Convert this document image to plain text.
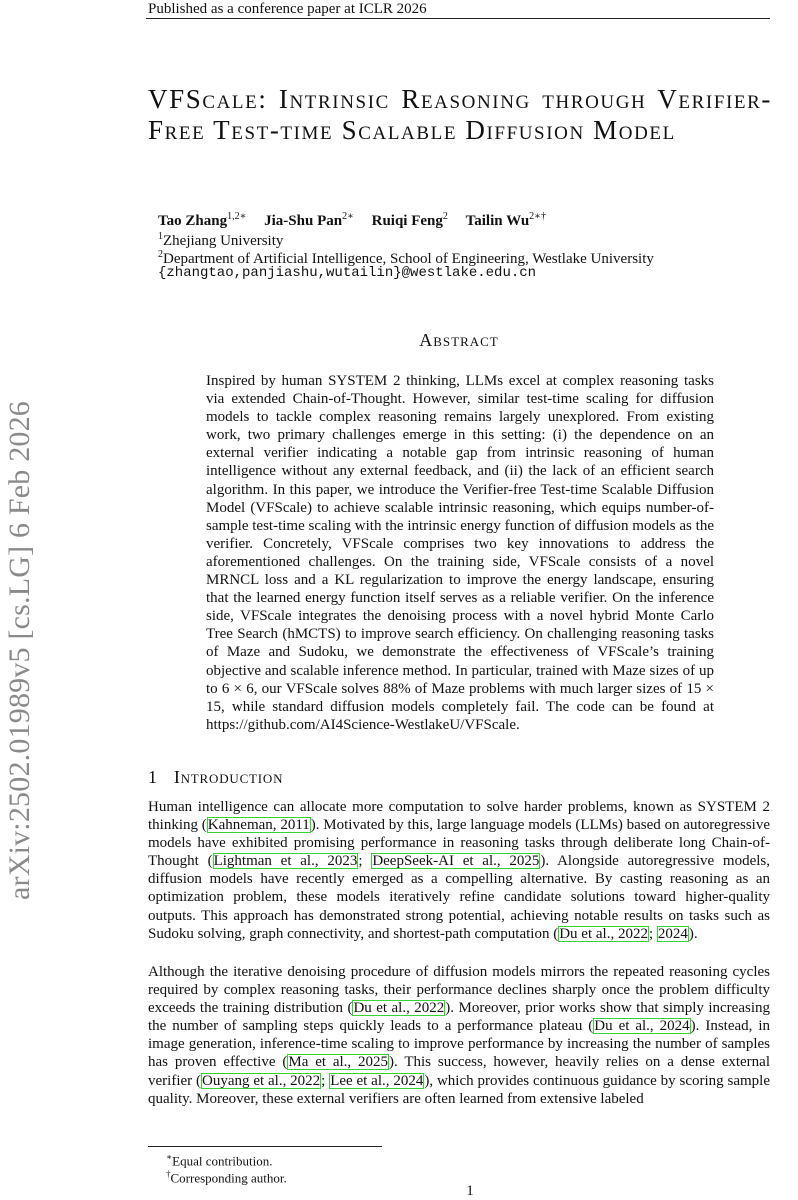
Published as a conference paper at ICLR 2026
arXiv:2502.01989v5 [cs.LG] 6 Feb 2026
VFScale: Intrinsic Reasoning through Verifier-Free Test-time Scalable Diffusion Model
Tao Zhang$^{1,2∗}$ Jia-Shu Pan$^{2∗}$ Ruiqi Feng$^2$ Tailin $Wu^{2∗\dagger}$
$^1$Zhejiang University
$^2$Department of Artificial Intelligence, School of Engineering, Westlake University
{zhangtao,panjiashu,wutailin}@westlake.edu.cn
Abstract
Inspired by human SYSTEM 2 thinking, LLMs excel at complex reasoning tasks via extended Chain-of-Thought. However, similar test-time scaling for diffusion models to tackle complex reasoning remains largely unexplored. From existing work, two primary challenges emerge in this setting: (i) the dependence on an external verifier indicating a notable gap from intrinsic reasoning of human intelligence without any external feedback, and (ii) the lack of an efficient search algorithm. In this paper, we introduce the Verifier-free Test-time Scalable Diffusion Model (VFScale) to achieve scalable intrinsic reasoning, which equips number-of-sample test-time scaling with the intrinsic energy function of diffusion models as the verifier. Concretely, VFScale comprises two key innovations to address the aforementioned challenges. On the training side, VFScale consists of a novel MRNCL loss and a KL regularization to improve the energy landscape, ensuring that the learned energy function itself serves as a reliable verifier. On the inference side, VFScale integrates the denoising process with a novel hybrid Monte Carlo Tree Search (hMCTS) to improve search efficiency. On challenging reasoning tasks of Maze and Sudoku, we demonstrate the effectiveness of VFScale’s training objective and scalable inference method. In particular, trained with Maze sizes of up to 6 × 6, our VFScale solves 88% of Maze problems with much larger sizes of 15 × 15, while standard diffusion models completely fail. The code can be found at https://github.com/AI4Science-WestlakeU/VFScale.
1 Introduction
Human intelligence can allocate more computation to solve harder problems, known as SYSTEM 2 thinking (Kahneman, 2011). Motivated by this, large language models (LLMs) based on autoregressive models have exhibited promising performance in reasoning tasks through deliberate long Chain-of-Thought (Lightman et al., 2023; DeepSeek-AI et al., 2025). Alongside autoregressive models, diffusion models have recently emerged as a compelling alternative. By casting reasoning as an optimization problem, these models iteratively refine candidate solutions toward higher-quality outputs. This approach has demonstrated strong potential, achieving notable results on tasks such as Sudoku solving, graph connectivity, and shortest-path computation (Du et al., 2022; 2024).
Although the iterative denoising procedure of diffusion models mirrors the repeated reasoning cycles required by complex reasoning tasks, their performance declines sharply once the problem difficulty exceeds the training distribution (Du et al., 2022). Moreover, prior works show that simply increasing the number of sampling steps quickly leads to a performance plateau (Du et al., 2024). Instead, in image generation, inference-time scaling to improve performance by increasing the number of samples has proven effective (Ma et al., 2025). This success, however, heavily relies on a dense external verifier (Ouyang et al., 2022; Lee et al., 2024), which provides continuous guidance by scoring sample quality. Moreover, these external verifiers are often learned from extensive labeled
∗Equal contribution.
†Corresponding author.
1
